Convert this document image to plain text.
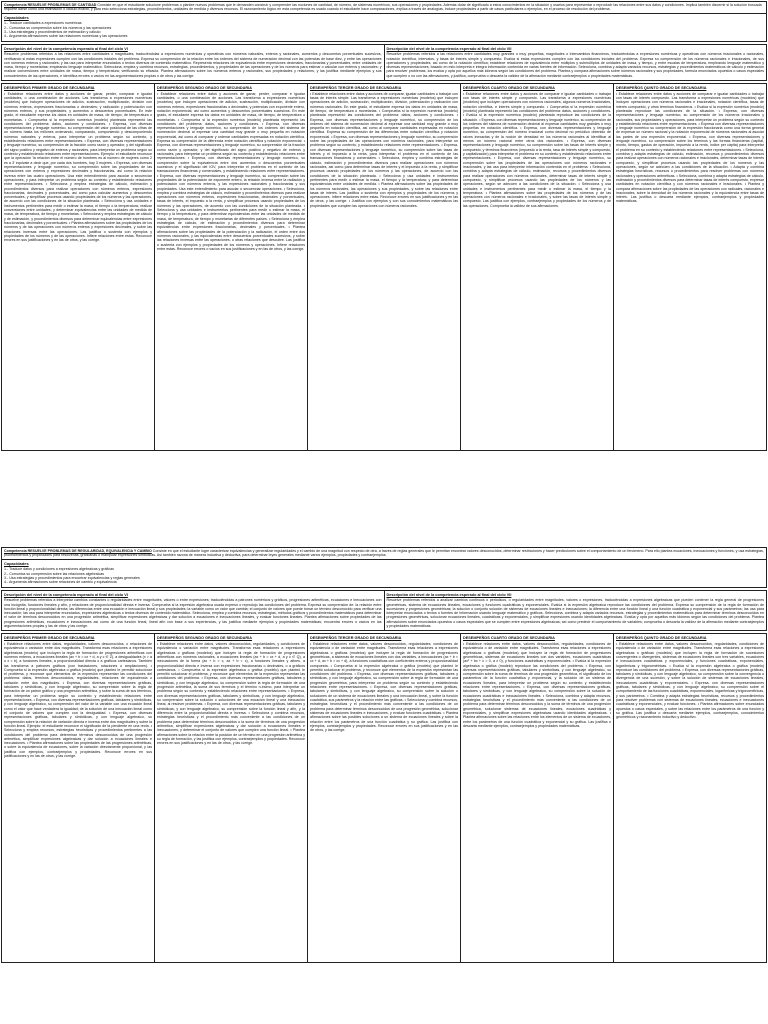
Competencia RESUELVE PROBLEMAS DE CANTIDAD Consiste en que el estudiante solucione problemas o plantee nuevos problemas que le demanden construir y comprender las nociones de cantidad, de número, de sistemas numéricos, sus operaciones y propiedades. Además dotar de significado a estos conocimientos en la situación y usarlos para representar o reproducir las relaciones entre sus datos y condiciones. Implica también discernir si la solución buscada requiere darse como una estimación o cálculo exacto, y para esto selecciona estrategias, procedimientos, unidades de medida y diversos recursos. El razonamiento lógico en esta competencia es usado cuando el estudiante hace comparaciones, explica a través de analogías, induce propiedades a partir de casos particulares o ejemplos, en el proceso de resolución del problema.
Capacidades
1.- Traduce cantidades a expresiones numéricas
2.- Comunica su comprensión sobre los números y las operaciones
3.- Usa estrategias y procedimientos de estimación y cálculo
4.- Argumenta afirmaciones sobre las relaciones numéricas y las operaciones
Descripción del nivel de la competencia esperado al final del ciclo VI
Resuelve problemas referidos a las relaciones entre cantidades o magnitudes, traduciéndolas a expresiones numéricas y operativas con números naturales, enteros y racionales, aumentos y descuentos porcentuales sucesivos, verificando si estas expresiones cumplen con las condiciones iniciales del problema. Expresa su comprensión de la relación entre los órdenes del sistema de numeración decimal con las potencias de base diez, y entre las operaciones con números enteros y racionales; y las usa para interpretar enunciados o textos diversos de contenido matemático. Representa relaciones de equivalencia entre expresiones decimales, fraccionarias y porcentuales, entre unidades de masa, tiempo y monetarias; empleando lenguaje matemático. Selecciona, emplea y combina recursos, estrategias, procedimientos, y propiedades de las operaciones y de los números para estimar o calcular con enteros y racionales; y realizar conversiones entre unidades de masa, tiempo y temperatura; verificando su eficacia. Plantea afirmaciones sobre los números enteros y racionales, sus propiedades y relaciones, y las justifica mediante ejemplos y sus conocimientos de las operaciones, e identifica errores o vacíos en las argumentaciones propias o de otros y las corrige.
Descripción del nivel de la competencia esperado al final del ciclo VII
Resuelve problemas referidos a las relaciones entre cantidades muy grandes o muy pequeñas, magnitudes o intercambios financieros, traduciéndolas a expresiones numéricas y operativas con números irracionales o racionales, notación científica, intervalos, y tasas de interés simple y compuesto. Evalúa si estas expresiones cumplen con las condiciones iniciales del problema. Expresa su comprensión de los números racionales e irracionales, de sus operaciones y propiedades, así como de la notación científica; establece relaciones de equivalencia entre múltiplos y submúltiplos de unidades de masa, y tiempo, y entre escalas de temperatura, empleando lenguaje matemático y diversas representaciones; basado en esto interpreta e integra información contenida en varias fuentes de información. Selecciona, combina y adapta variados recursos, estrategias y procedimientos matemáticos de cálculo y estimación para resolver problemas, los evalúa y opta por aquellos más idóneos según las condiciones del problema. Plantea y compara afirmaciones sobre números racionales y sus propiedades, formula enunciados opuestos o casos especiales que cumplen o no con las afirmaciones, y justifica, comprueba o descarta la validez de la afirmación mediante contraejemplos o propiedades matemáticas.
DESEMPEÑOS PRIMER GRADO DE SECUNDARIA
• Establece relaciones entre datos y acciones de ganar, perder, comparar e igualar cantidades, o una combinación de acciones. Las transforma a expresiones numéricas (modelos) que incluyen operaciones de adición, sustracción, multiplicación, división con números enteros, expresiones fraccionarias o decimales; y radicación y potenciación con números enteros, y sus propiedades; y aumentos o descuentos porcentuales. En este grado, el estudiante expresa los datos en unidades de masa, de tiempo, de temperatura o monetarias. • Comprueba si la expresión numérica (modelo) planteada representó las condiciones del problema: datos, acciones y condiciones. • Expresa, con diversas representaciones y lenguaje numérico, su comprensión del valor posicional de las cifras de un número hasta los millones ordenando, comparando, componiendo y descomponiendo números naturales y enteros, para interpretar un problema según su contexto, y estableciendo relaciones entre representaciones. • Expresa, con diversas representaciones y lenguaje numérico, su comprensión de la fracción como razón y operador, y del significado del signo positivo y negativo de enteros y racionales, para interpretar un problema según su contexto y estableciendo relaciones entre representaciones. Ejemplo: el estudiante reconoce que la operación 'la relación entre el número de hombres es al número de mujeres como 2 es a 3' equivale a decir que, por cada dos hombres, hay 3 mujeres. • Expresa, con diversas representaciones y lenguaje numérico, su comprensión sobre las propiedades de las operaciones con enteros y expresiones decimales y fraccionarias, así como la relación inversa entre las cuatro operaciones. Usa este entendimiento para asociar o secuenciar operaciones, y para interpretar un problema según su contexto y estableciendo relaciones entre representaciones. • Selecciona y emplea estrategias de cálculo, estimación y procedimientos diversos para realizar operaciones con números enteros, expresiones fraccionarias, decimales y porcentuales, así como para calcular aumentos y descuentos porcentuales, y simplificar procesos usando propiedades de los números y las operaciones, de acuerdo con las condiciones de la situación planteada. • Selecciona y usa unidades e instrumentos pertinentes para medir o estimar la masa, el tiempo o la temperatura; realizar conversiones entre unidades; y determinar equivalencias entre las unidades de medida de masa, de temperatura, de tiempo y monetarias. • Selecciona y emplea estrategias de cálculo y de estimación, y procedimientos diversos para determinar equivalencias entre expresiones fraccionarias, decimales y porcentuales. • Plantea afirmaciones sobre las propiedades de los números y de las operaciones con números enteros y expresiones decimales, y sobre las relaciones inversas entre las operaciones. Las justifica o sustenta con ejemplos y propiedades de los números y de las operaciones. Infiere relaciones entre estas. Reconoce errores en sus justificaciones y en las de otros, y las corrige.
DESEMPEÑOS SEGUNDO GRADO DE SECUNDARIA
• Establece relaciones entre datos y acciones de ganar, perder, comparar e igualar cantidades, o una combinación de acciones. Las transforma a expresiones numéricas (modelos) que incluyen operaciones de adición, sustracción, multiplicación, división con números enteros, expresiones fraccionarias o decimales; y potencias con exponente entero, notación exponencial, así como aumentos y descuentos porcentuales sucesivos. En este grado, el estudiante expresa los datos en unidades de masa, de tiempo, de temperatura o monetarias. • Comprueba si la expresión numérica (modelo) planteada representó las condiciones del problema: datos, acciones y condiciones. • Expresa, con diversas representaciones y lenguaje numérico, su comprensión de los órdenes del sistema de numeración decimal al expresar una cantidad muy grande o muy pequeña en notación exponencial, así como al comparar y ordenar cantidades expresadas en notación científica. Expresa su comprensión de la diferencia entre notación científica y notación exponencial. • Expresa, con diversas representaciones y lenguaje numérico, su comprensión de la fracción como razón y operador, y del significado del signo positivo y negativo de enteros y racionales, para interpretar un problema según su contexto y estableciendo relaciones entre representaciones. • Expresa, con diversas representaciones y lenguaje numérico, su comprensión sobre la equivalencia entre dos aumentos o descuentos porcentuales sucesivos y el significado del IGV, para interpretar el problema en el contexto de las transacciones financieras y comerciales, y estableciendo relaciones entre representaciones. • Expresa, con diversas representaciones y lenguaje numérico, su comprensión sobre las propiedades de la potenciación de exponente entero, la relación inversa entre la radiación y potenciación con números enteros, y las expresiones racionales y fraccionarias y sus propiedades. Usa este entendimiento para asociar o secuenciar operaciones. • Selecciona, emplea y combina estrategias de cálculo, estimación y procedimientos diversos para realizar operaciones con números enteros, expresiones fraccionarias, decimales y porcentuales, tasas de interés, el impuesto a la renta, y simplificar procesos usando propiedades de los números y las operaciones, de acuerdo con las condiciones de la situación planteada. • Selecciona y usa unidades e instrumentos pertinentes para medir o estimar la masa, el tiempo y la temperatura, y para determinar equivalencias entre las unidades de medida de masa, de temperatura, de tiempo y monetarias de diferentes países. • Selecciona y emplea estrategias de cálculo, de estimación y procedimientos diversos para determinar equivalencias entre expresiones fraccionarias, decimales y porcentuales. • Plantea afirmaciones sobre las propiedades de la potenciación y la radicación, el orden entre dos números racionales, y las equivalencias entre descuentos porcentuales sucesivos, y sobre las relaciones inversas entre las operaciones, u otras relaciones que descubre. Las justifica o sustenta con ejemplos y propiedades de los números y operaciones. Infiere relaciones entre estas. Reconoce errores o vacíos en sus justificaciones y en las de otros, y las corrige.
DESEMPEÑOS TERCER GRADO DE SECUNDARIA
• Establece relaciones entre datos y acciones de comparar, igualar cantidades o trabajar con tasas de interés simple. Las transforma a expresiones numéricas (modelos) que incluyen operaciones de adición, sustracción, multiplicación, división, potenciación y radicación con números racionales. En este grado, el estudiante expresa los datos en unidades de masa, de tiempo, de temperatura o monetarias. • Comprueba si la expresión numérica (modelo) planteada representó las condiciones del problema: datos, acciones y condiciones. • Expresa, con diversas representaciones y lenguaje numérico, su comprensión de los órdenes del sistema de numeración decimal al expresar una cantidad muy grande o muy pequeña en notación científica, así como al comparar cantidades expresadas en notación científica. Expresa su comprensión de las diferencias entre notación científica y notación exponencial. • Expresa, con diversas representaciones y lenguaje numérico, su comprensión sobre las propiedades de las operaciones con números racionales, para interpretar un problema según su contexto, y estableciendo relaciones entre representaciones. • Expresa, con diversas representaciones y lenguaje numérico, su comprensión sobre las tasas de interés y el impuesto a la renta, para interpretar el problema en el contexto de las transacciones financieras y comerciales. • Selecciona, emplea y combina estrategias de cálculo, estimación y procedimientos diversos para realizar operaciones con números racionales, así como para determinar tasas de interés y el impuesto a la renta, y simplificar procesos usando propiedades de los números y las operaciones, de acuerdo con las condiciones de la situación planteada. • Selecciona y usa unidades e instrumentos pertinentes para medir o estimar la masa, el tiempo y la temperatura; y para determinar equivalencias entre unidades de medida. • Plantea afirmaciones sobre las propiedades de los números racionales, las operaciones y sus propiedades, y sobre las relaciones entre tasas de interés. Las justifica o sustenta con ejemplos y propiedades de los números y operaciones. Infiere relaciones entre estas. Reconoce errores en sus justificaciones y en las de otros, y las corrige. • Justifica con ejemplos y con sus conocimientos matemáticos las propiedades que cumplen las operaciones con números racionales.
DESEMPEÑOS CUARTO GRADO DE SECUNDARIA
• Establece relaciones entre datos y acciones de comparar e igualar cantidades o trabajar con tasas de interés simple y compuesto. Las transforma a expresiones numéricas (modelos) que incluyen operaciones con números racionales, algunos números irracionales, notación científica, e interés simple y compuesto. • Comprueba si la expresión numérica (modelo) planteada representó las condiciones del problema: datos, acciones y condiciones. • Evalúa si la expresión numérica (modelo) planteada reproduce las condiciones de la situación. • Expresa, con diversas representaciones y lenguaje numérico, su comprensión de los órdenes del sistema de numeración decimal al expresar cantidades muy grandes o muy pequeñas en notación científica. • Expresa, con diversas representaciones y lenguaje numérico, su comprensión del número irracional como decimal no periódico obtenido de raíces inexactas y de la noción de densidad en los números racionales al identificar al menos un número racional entre otros dos racionales. • Expresa, con diversas representaciones y lenguaje numérico, su comprensión sobre las tasas de interés simple y compuesto, y términos financieros (impuesto a la renta, tasa de interés simple y compuesto, y capitalización) para interpretar el problema en su contexto y estableciendo relaciones entre representaciones. • Expresa, con diversas representaciones y lenguaje numérico, su comprensión sobre las propiedades de las operaciones con números racionales e irracionales, y las usa para interpretar información contenida en el problema. • Selecciona, combina y adapta estrategias de cálculo, estimación, recursos y procedimientos diversos para realizar operaciones con números racionales, determinar tasas de interés simple y compuesto, y simplificar procesos usando las propiedades de los números y las operaciones, según se adecúen a las condiciones de la situación. • Selecciona y usa unidades e instrumentos pertinentes para medir o estimar la masa, el tiempo y la temperatura. • Plantea afirmaciones sobre las propiedades de los números y de las operaciones con números racionales e irracionales, y sobre las tasas de interés simple y compuesto. Las justifica con ejemplos, contraejemplos y propiedades de los números y de las operaciones. Comprueba la validez de sus afirmaciones.
DESEMPEÑOS QUINTO GRADO DE SECUNDARIA
• Establece relaciones entre datos y acciones de comparar e igualar cantidades o trabajar con tasas de interés compuesto. Las transforma a expresiones numéricas (modelos) que incluyen operaciones con números racionales e irracionales, notación científica, tasas de interés compuesto, y otros términos financieros. • Evalúa si la expresión numérica (modelo) planteada reproduce las condiciones de la situación. • Expresa, con diversas representaciones y lenguaje numérico, su comprensión de los números irracionales y racionales, sus propiedades y operaciones, para interpretar un problema según su contexto y estableciendo relaciones entre representaciones. • Expresa con diversas representaciones y lenguaje numérico su comprensión de la expresión fraccionaria como una forma general de expresar un número racional y la notación exponencial de números racionales al asociar las partes de una expresión exponencial. • Expresa, con diversas representaciones y lenguaje numérico, su comprensión sobre los términos y las formas financieras (capital, monto, tiempo, gastos de operación, impuesto a la renta, índice per cápita) para interpretar el problema en su contexto y estableciendo relaciones entre representaciones. • Selecciona, combina y adapta estrategias de cálculo, estimación, recursos y procedimientos diversos para realizar operaciones con números racionales e irracionales, determinar tasas de interés compuesto, y simplificar procesos usando las propiedades de los números y las operaciones, según se adecúen a las condiciones de la situación. • Adapta y combina estrategias heurísticas, recursos o procedimientos para resolver problemas con números racionales y operaciones aritméticas. • Selecciona, combina y adapta estrategias de cálculo, estimación y procedimientos diversos para determinar tasas de interés compuesto, expresar cantidades en notación científica y con números racionales e irracionales. • Plantea y compara afirmaciones sobre las propiedades de las operaciones con radicales, racionales e irracionales, sobre la densidad de los números racionales y la equivalencia entre tasas de interés. Las justifica o descarta mediante ejemplos, contraejemplos y propiedades matemáticas.
Competencia RESUELVE PROBLEMAS DE REGULARIDAD, EQUIVALENCIA Y CAMBIO Consiste en que el estudiante logre caracterizar equivalencias y generalizar regularidades y el cambio de una magnitud con respecto de otra, a través de reglas generales que le permitan encontrar valores desconocidos, determinar restricciones y hacer predicciones sobre el comportamiento de un fenómeno. Para ello plantea ecuaciones, inecuaciones y funciones, y usa estrategias, procedimientos y propiedades para resolverlas, graficarlas o manipular expresiones simbólicas. Así también razona de manera inductiva y deductiva, para determinar leyes generales mediante varios ejemplos, propiedades y contraejemplos.
Capacidades
1.- Traduce datos y condiciones a expresiones algebraicas y gráficas
2.- Comunica su comprensión sobre las relaciones algebraicas
3.- Usa estrategias y procedimientos para encontrar equivalencias y reglas generales
4.- Argumenta afirmaciones sobre relaciones de cambio y equivalencia
Descripción del nivel de la competencia esperado al final del ciclo VI
Resuelve problemas referidos a interpretar cambios constantes o regularidades entre magnitudes, valores o entre expresiones; traduciéndolas a patrones numéricos y gráficos, progresiones aritméticas, ecuaciones e inecuaciones con una incógnita, funciones lineales y afín, y relaciones de proporcionalidad directa e inversa. Comprueba si la expresión algebraica usada expresó o reprodujo las condiciones del problema. Expresa su comprensión de: la relación entre función lineal y proporcionalidad directa; las diferencias entre una ecuación e inecuación lineal y sus propiedades; la variable como un valor que cambia; el conjunto de valores que puede tomar un término desconocido para verificar una inecuación; las usa para interpretar enunciados, expresiones algebraicas o textos diversos de contenido matemático. Selecciona, emplea y combina recursos, estrategias, métodos gráficos y procedimientos matemáticos para determinar el valor de términos desconocidos en una progresión aritmética, simplificar expresiones algebraicas y dar solución a ecuaciones e inecuaciones lineales, y evaluar funciones lineales. Plantea afirmaciones sobre propiedades de las progresiones aritméticas, ecuaciones e inecuaciones así como de una función lineal, lineal afín con base a sus experiencias, y las justifica mediante ejemplos y propiedades matemáticas; encuentra errores o vacíos en las argumentaciones propias y las de otros y las corrige.
Descripción del nivel de la competencia esperado al final del ciclo VII
Resuelve problemas referidos a analizar cambios continuos o periódicos, o regularidades entre magnitudes, valores o expresiones, traduciéndolas a expresiones algebraicas que pueden contener la regla general de progresiones geométricas, sistema de ecuaciones lineales, ecuaciones y funciones cuadráticas y exponenciales. Evalúa si la expresión algebraica reproduce las condiciones del problema. Expresa su comprensión de la regla de formación de sucesiones y progresiones geométricas; la solución o conjunto solución de sistemas de ecuaciones lineales e inecuaciones; la diferencia entre una función lineal y una función cuadrática y exponencial y sus parámetros; las usa para interpretar enunciados o textos o fuentes de información usando lenguaje matemático y gráficos. Selecciona, combina y adapta variados recursos, estrategias y procedimientos matemáticos para determinar términos desconocidos en progresiones geométricas, solucionar ecuaciones lineales, cuadráticas y exponenciales, y simplificar expresiones usando identidades algebraicas. Evalúa y opta por aquellos más idóneos según las condiciones del problema. Plantea afirmaciones sobre enunciados opuestos o casos especiales que se cumplen entre expresiones algebraicas; así como predecir el comportamiento de variables; comprueba o descarta la validez de la afirmación mediante contraejemplos y propiedades matemáticas.
DESEMPEÑOS PRIMER GRADO DE SECUNDARIA
• Establece relaciones entre datos, regularidades, valores desconocidos, o relaciones de equivalencia o variación entre dos magnitudes. Transforma esas relaciones a expresiones algebraicas (modelo) que incluyen la regla de formación de progresiones aritméticas con números enteros, a ecuaciones lineales (ax + b = cx + d, a y c ∈ Z), a desigualdades (x > a o x < b), a funciones lineales, a proporcionalidad directa o a gráficos cartesianos. También las transforma a patrones gráficos (con traslaciones, rotaciones o ampliaciones). • Comprueba si la expresión algebraica o gráfica (modelo) que planteó le permitió solucionar el problema, y reconoce qué elementos de la expresión representan las condiciones del problema: datos, términos desconocidos, regularidades, relaciones de equivalencia o variación entre dos magnitudes. • Expresa, con diversas representaciones gráficas, tabulares y simbólicas, y con lenguaje algebraico, su comprensión sobre la regla de formación de un patrón gráfico y una progresión aritmética, y sobre la suma de sus términos, para interpretar un problema según su contexto y estableciendo relaciones entre representaciones. • Expresa, con diversas representaciones gráficas, tabulares y simbólicas, y con lenguaje algebraico, su comprensión del valor de la variable con una ecuación lineal como el valor que hace verdadera la igualdad; de la solución de una inecuación lineal como el conjunto de valores que cumplen con la desigualdad. • Expresa, con diversas representaciones gráficas, tabulares y simbólicas, y con lenguaje algebraico, su comprensión sobre la relación de variación directa e inversa entre dos magnitudes y sobre la función lineal. Ejemplo: el estudiante reconoce el significado de la pendiente en una recta. • Selecciona y emplea recursos, estrategias heurísticas y procedimientos pertinentes a las condiciones del problema para determinar términos desconocidos de una progresión aritmética, simplificar expresiones algebraicas y dar solución a ecuaciones lineales e inecuaciones. • Plantea afirmaciones sobre las propiedades de las progresiones aritméticas, o sobre la equivalencia de ecuaciones, sobre la variación directamente proporcional, y las justifica con ejemplos, contraejemplos y propiedades. Reconoce errores en sus justificaciones y en las de otros, y las corrige.
DESEMPEÑOS SEGUNDO GRADO DE SECUNDARIA
• Establece relaciones entre datos, valores desconocidos, regularidades, y condiciones de equivalencia o variación entre magnitudes. Transforma esas relaciones a expresiones algebraicas o gráficas (modelos) que incluyen la regla de formación de progresiones aritméticas con números racionales, a ecuaciones lineales (ax + b = cx + d, a y c ∈ Q), a inecuaciones de la forma (ax + b > c, ax + b < c), a funciones lineales y afines, a proporcionalidad directa e inversa con expresiones fraccionarias o decimales, o a gráficos cartesianos. • Comprueba si la expresión algebraica o gráfica (modelo) que planteó le permitió solucionar el problema, y reconoce qué elementos de la expresión representan las condiciones del problema. • Expresa, con diversas representaciones gráficas, tabulares y simbólicas, y con lenguaje algebraico, su comprensión sobre la regla de formación de una progresión aritmética, la suma de sus términos y el término n-ésimo, para interpretar un problema según su contexto y estableciendo relaciones entre representaciones. • Expresa, con diversas representaciones gráficas, tabulares y simbólicas, y con lenguaje algebraico, su comprensión sobre la solución o soluciones de una ecuación lineal y una inecuación lineal, al resolver problemas. • Expresa, con diversas representaciones gráficas, tabulares y simbólicas, y con lenguaje algebraico, su comprensión sobre la función lineal y afín, y la diferencia entre la proporcionalidad directa e inversa. • Selecciona y combina recursos, estrategias heurísticas y el procedimiento más conveniente a las condiciones de un problema para determinar términos desconocidos o la suma de términos de una progresión aritmética, simplificar expresiones algebraicas y dar solución a ecuaciones lineales e inecuaciones, y determinar el conjunto de valores que cumplen una función lineal. • Plantea afirmaciones sobre la relación entre la posición de un término en una progresión aritmética y su regla de formación, y las justifica con ejemplos, contraejemplos y propiedades. Reconoce errores en sus justificaciones y en las de otros, y las corrige.
DESEMPEÑOS TERCER GRADO DE SECUNDARIA
• Establece relaciones entre datos, valores desconocidos, regularidades, condiciones de equivalencia o de variación entre magnitudes. Transforma esas relaciones a expresiones algebraicas o gráficas (modelos) que incluyen la regla de formación de progresiones geométricas, a sistemas de ecuaciones lineales con dos variables, a inecuaciones (ax + b < cx + d, ax + b > cx + d), a funciones cuadráticas con coeficientes enteros y proporcionalidad compuesta. • Comprueba si la expresión algebraica o gráfica (modelo) que planteó le permitió solucionar el problema, y reconoce qué elementos de la expresión representan las condiciones del problema. • Expresa, con diversas representaciones gráficas, tabulares y simbólicas, y con lenguaje algebraico, su comprensión sobre la regla de formación de una progresión geométrica, para interpretar un problema según su contexto y estableciendo relaciones entre representaciones. • Expresa, con diversas representaciones gráficas, tabulares y simbólicas, y con lenguaje algebraico, su comprensión sobre la solución o soluciones de un sistema de ecuaciones lineales y una inecuación lineal, y sobre la función cuadrática, sus parámetros y la relación entre las gráficas. • Selecciona y combina recursos, estrategias heurísticas y el procedimiento más conveniente a las condiciones de un problema para determinar términos desconocidos de una progresión geométrica, solucionar sistemas de ecuaciones lineales e inecuaciones, y evaluar funciones cuadráticas. • Plantea afirmaciones sobre las posibles soluciones a un sistema de ecuaciones lineales y sobre la relación entre los parámetros de una función cuadrática y su gráfica. Las justifica con ejemplos, contraejemplos y propiedades. Reconoce errores en sus justificaciones y en las de otros, y las corrige.
DESEMPEÑOS CUARTO GRADO DE SECUNDARIA
• Establece relaciones entre datos, valores desconocidos, regularidades, condiciones de equivalencia o de variación entre magnitudes. Transforma esas relaciones a expresiones algebraicas o gráficas (modelos) que incluyen la regla de formación de progresiones geométricas, sistemas de ecuaciones lineales con dos variables, ecuaciones cuadráticas (ax² + bx + c = 0, a ≠ 0), y funciones cuadráticas y exponenciales. • Evalúa si la expresión algebraica o gráfica (modelo) reproduce las condiciones del problema. • Expresa, con diversas representaciones gráficas, tabulares y simbólicas, y con lenguaje algebraico, su comprensión sobre la suma de términos de una progresión geométrica, el significado de los parámetros de la función cuadrática y exponencial, y la solución de un sistema de ecuaciones lineales, para interpretar un problema según su contexto y estableciendo relaciones entre representaciones. • Expresa, con diversas representaciones gráficas, tabulares y simbólicas, y con lenguaje algebraico, su comprensión sobre la solución de ecuaciones cuadráticas e inecuaciones lineales. • Selecciona, combina y adapta recursos, estrategias heurísticas y el procedimiento más conveniente a las condiciones de un problema para determinar términos desconocidos y la suma de términos de una progresión geométrica, solucionar sistemas de ecuaciones lineales, ecuaciones cuadráticas y exponenciales, y simplificar expresiones algebraicas usando identidades algebraicas. • Plantea afirmaciones sobre las relaciones entre los elementos de un sistema de ecuaciones, entre los parámetros de una función cuadrática y exponencial y su gráfica. Las justifica o descarta mediante ejemplos, contraejemplos y propiedades matemáticas.
DESEMPEÑOS QUINTO GRADO DE SECUNDARIA
• Establece relaciones entre datos, valores desconocidos, regularidades, condiciones de equivalencia o de variación entre magnitudes. Transforma esas relaciones a expresiones algebraicas o gráficas (modelos) que incluyen la regla de formación de sucesiones convergentes o divergentes, sistemas de ecuaciones lineales con tres variables, ecuaciones e inecuaciones cuadráticas y exponenciales, y funciones cuadráticas, exponenciales, logarítmicas y trigonométricas. • Evalúa si la expresión algebraica o gráfica (modelo) reproduce las condiciones del problema. • Expresa, con diversas representaciones gráficas, tabulares y simbólicas, y con lenguaje algebraico, su comprensión sobre la convergencia o divergencia de una sucesión, y sobre la solución de sistemas de ecuaciones lineales, inecuaciones cuadráticas y exponenciales. • Expresa, con diversas representaciones gráficas, tabulares y simbólicas, y con lenguaje algebraico, su comprensión sobre el comportamiento de las funciones cuadráticas, exponenciales, logarítmicas y trigonométricas, y sus parámetros. • Combina y adapta estrategias heurísticas, recursos y procedimientos para resolver problemas con sistemas de ecuaciones lineales, ecuaciones e inecuaciones cuadráticas y exponenciales, y evaluar funciones. • Plantea afirmaciones sobre enunciados opuestos o casos especiales, y sobre las relaciones entre los parámetros de una función y su gráfica. Las justifica o descarta mediante ejemplos, contraejemplos, conocimientos geométricos y razonamiento inductivo y deductivo.
